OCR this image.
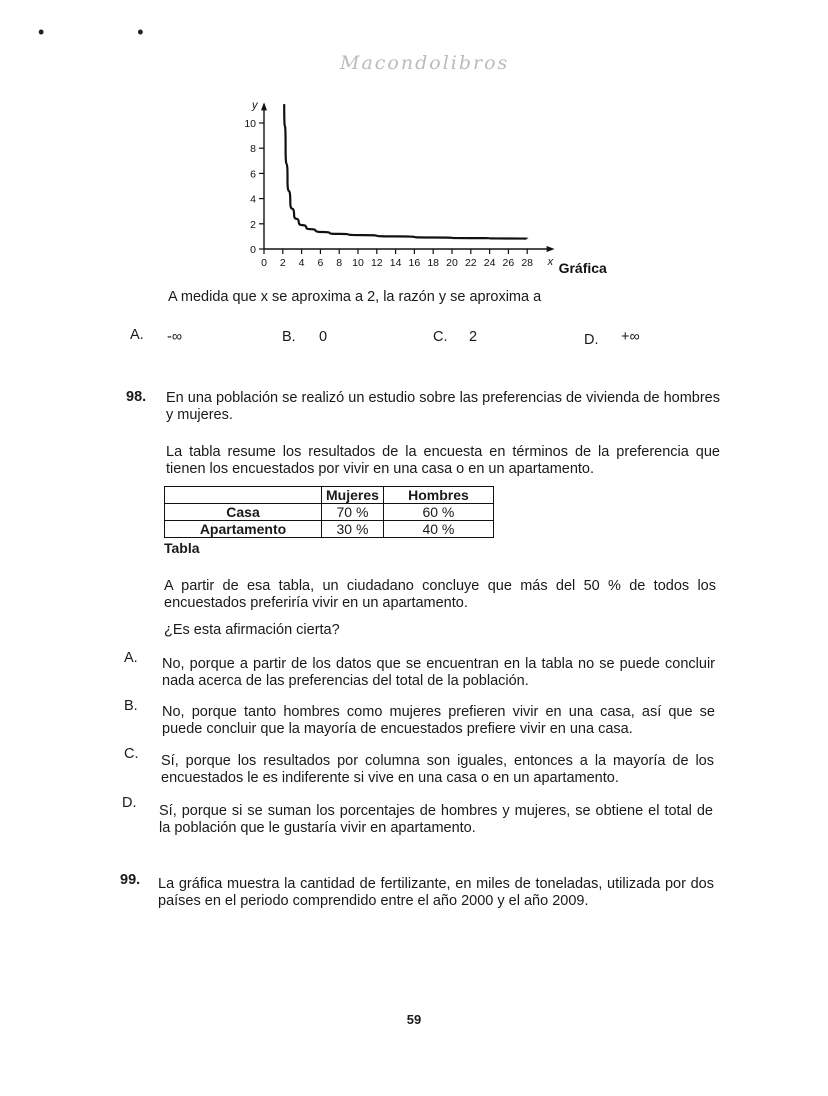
• •
Macondolibros
0
2
4
6
8
10
0 2 4 6 8 10 12 14 16 18 20 22 24 26 28
y
x Gráfica
A medida que x se aproxima a 2, la razón y se aproxima a
A. -∞	B. 0	C. 2	D. +∞
98. En una población se realizó un estudio sobre las preferencias de vivienda de hombres y mujeres.
La tabla resume los resultados de la encuesta en términos de la preferencia que tienen los encuestados por vivir en una casa o en un apartamento.
	Mujeres	Hombres
Casa	70 %	60 %
Apartamento	30 %	40 %
Tabla
A partir de esa tabla, un ciudadano concluye que más del 50 % de todos los encuestados preferiría vivir en un apartamento.
¿Es esta afirmación cierta?
A. No, porque a partir de los datos que se encuentran en la tabla no se puede concluir nada acerca de las preferencias del total de la población.
B. No, porque tanto hombres como mujeres prefieren vivir en una casa, así que se puede concluir que la mayoría de encuestados prefiere vivir en una casa.
C. Sí, porque los resultados por columna son iguales, entonces a la mayoría de los encuestados le es indiferente si vive en una casa o en un apartamento.
D. Sí, porque si se suman los porcentajes de hombres y mujeres, se obtiene el total de la población que le gustaría vivir en apartamento.
99. La gráfica muestra la cantidad de fertilizante, en miles de toneladas, utilizada por dos países en el periodo comprendido entre el año 2000 y el año 2009.
59
